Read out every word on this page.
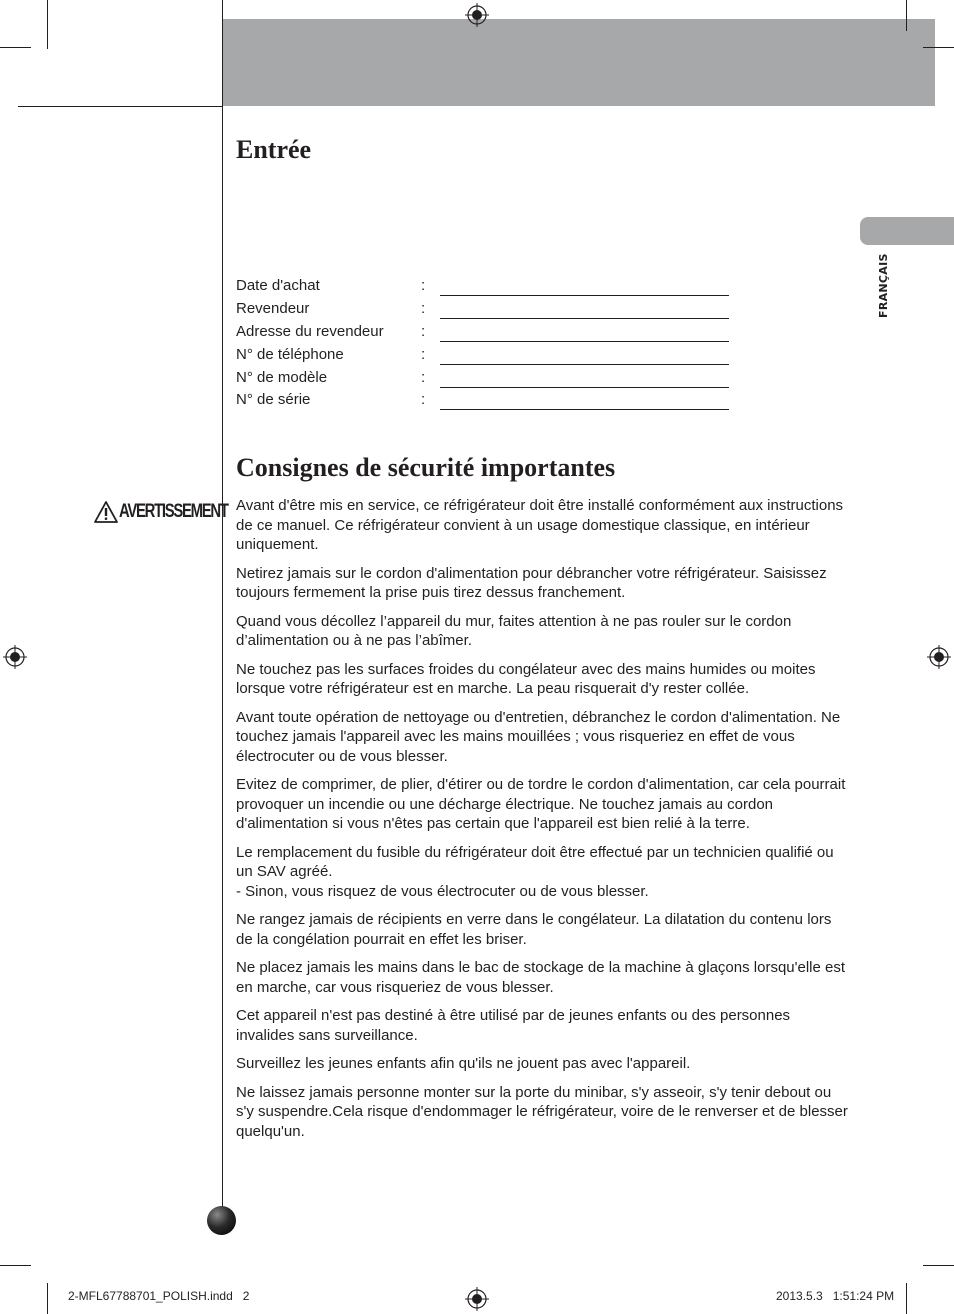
FRANÇAIS
Entrée
Date d'achat	:
Revendeur	:
Adresse du revendeur :
N° de téléphone	:
N° de modèle	:
N° de série	:
Consignes de sécurité importantes
AVERTISSEMENT Avant d'être mis en service, ce réfrigérateur doit être installé conformément aux instructions de ce manuel. Ce réfrigérateur convient à un usage domestique classique, en intérieur uniquement.

Netirez jamais sur le cordon d'alimentation pour débrancher votre réfrigérateur. Saisissez toujours fermement la prise puis tirez dessus franchement.

Quand vous décollez l’appareil du mur, faites attention à ne pas rouler sur le cordon d’alimentation ou à ne pas l’abîmer.

Ne touchez pas les surfaces froides du congélateur avec des mains humides ou moites lorsque votre réfrigérateur est en marche. La peau risquerait d'y rester collée.

Avant toute opération de nettoyage ou d'entretien, débranchez le cordon d'alimentation. Ne touchez jamais l'appareil avec les mains mouillées ; vous risqueriez en effet de vous électrocuter ou de vous blesser.

Evitez de comprimer, de plier, d'étirer ou de tordre le cordon d'alimentation, car cela pourrait provoquer un incendie ou une décharge électrique. Ne touchez jamais au cordon d'alimentation si vous n'êtes pas certain que l'appareil est bien relié à la terre.

Le remplacement du fusible du réfrigérateur doit être effectué par un technicien qualifié ou un SAV agréé.
- Sinon, vous risquez de vous électrocuter ou de vous blesser.

Ne rangez jamais de récipients en verre dans le congélateur. La dilatation du contenu lors de la congélation pourrait en effet les briser.

Ne placez jamais les mains dans le bac de stockage de la machine à glaçons lorsqu'elle est en marche, car vous risqueriez de vous blesser.

Cet appareil n'est pas destiné à être utilisé par de jeunes enfants ou des personnes invalides sans surveillance.

Surveillez les jeunes enfants afin qu'ils ne jouent pas avec l'appareil.

Ne laissez jamais personne monter sur la porte du minibar, s'y asseoir, s'y tenir debout ou s'y suspendre.Cela risque d'endommager le réfrigérateur, voire de le renverser et de blesser quelqu'un.

2-MFL67788701_POLISH.indd   2	2013.5.3   1:51:24 PM
